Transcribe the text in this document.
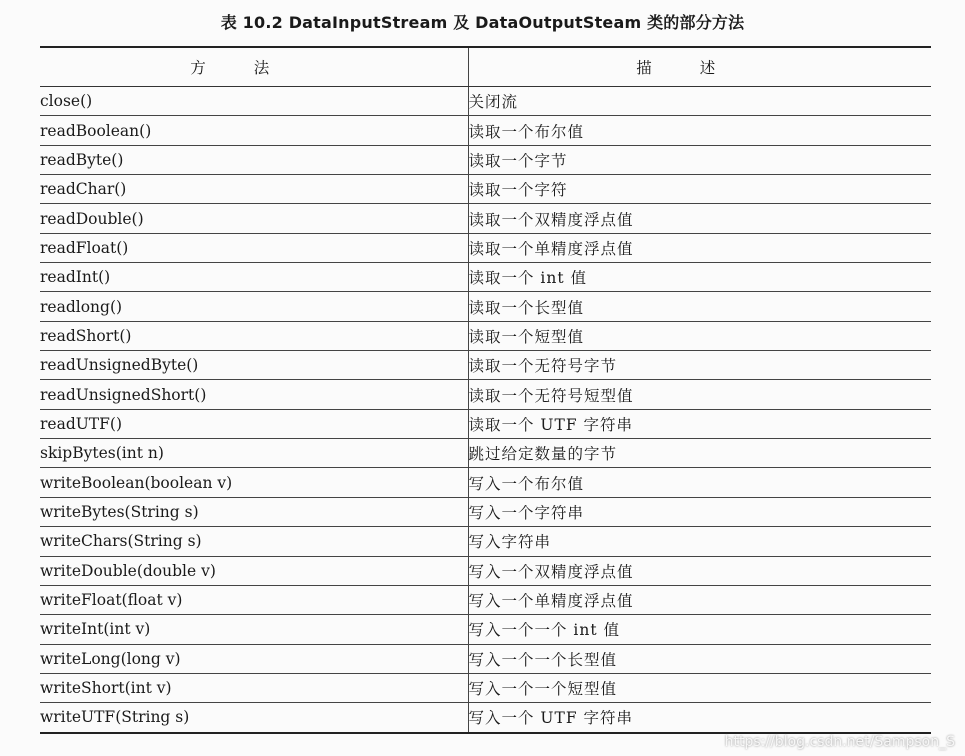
表 10.2 DataInputStream 及 DataOutputSteam 类的部分方法
方法	描述
close()	关闭流
readBoolean()	读取一个布尔值
readByte()	读取一个字节
readChar()	读取一个字符
readDouble()	读取一个双精度浮点值
readFloat()	读取一个单精度浮点值
readInt()	读取一个 int 值
readlong()	读取一个长型值
readShort()	读取一个短型值
readUnsignedByte()	读取一个无符号字节
readUnsignedShort()	读取一个无符号短型值
readUTF()	读取一个 UTF 字符串
skipBytes(int n)	跳过给定数量的字节
writeBoolean(boolean v)	写入一个布尔值
writeBytes(String s)	写入一个字符串
writeChars(String s)	写入字符串
writeDouble(double v)	写入一个双精度浮点值
writeFloat(float v)	写入一个单精度浮点值
writeInt(int v)	写入一个一个 int 值
writeLong(long v)	写入一个一个长型值
writeShort(int v)	写入一个一个短型值
writeUTF(String s)	写入一个 UTF 字符串
https://blog.csdn.net/Sampson_S
